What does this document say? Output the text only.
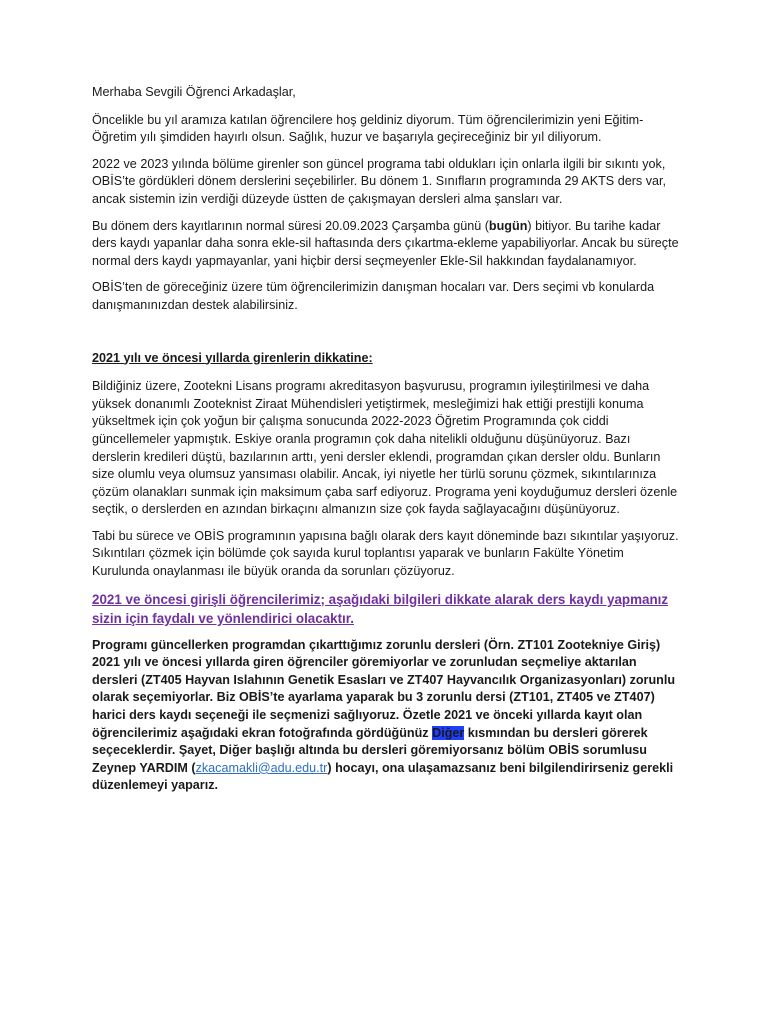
Merhaba Sevgili Öğrenci Arkadaşlar,

Öncelikle bu yıl aramıza katılan öğrencilere hoş geldiniz diyorum. Tüm öğrencilerimizin yeni Eğitim-Öğretim yılı şimdiden hayırlı olsun. Sağlık, huzur ve başarıyla geçireceğiniz bir yıl diliyorum.

2022 ve 2023 yılında bölüme girenler son güncel programa tabi oldukları için onlarla ilgili bir sıkıntı yok, OBİS’te gördükleri dönem derslerini seçebilirler. Bu dönem 1. Sınıfların programında 29 AKTS ders var, ancak sistemin izin verdiği düzeyde üstten de çakışmayan dersleri alma şansları var.

Bu dönem ders kayıtlarının normal süresi 20.09.2023 Çarşamba günü (bugün) bitiyor. Bu tarihe kadar ders kaydı yapanlar daha sonra ekle-sil haftasında ders çıkartma-ekleme yapabiliyorlar. Ancak bu süreçte normal ders kaydı yapmayanlar, yani hiçbir dersi seçmeyenler Ekle-Sil hakkından faydalanamıyor.

OBİS’ten de göreceğiniz üzere tüm öğrencilerimizin danışman hocaları var. Ders seçimi vb konularda danışmanınızdan destek alabilirsiniz.

2021 yılı ve öncesi yıllarda girenlerin dikkatine:

Bildiğiniz üzere, Zootekni Lisans programı akreditasyon başvurusu, programın iyileştirilmesi ve daha yüksek donanımlı Zooteknist Ziraat Mühendisleri yetiştirmek, mesleğimizi hak ettiği prestijli konuma yükseltmek için çok yoğun bir çalışma sonucunda 2022-2023 Öğretim Programında çok ciddi güncellemeler yapmıştık. Eskiye oranla programın çok daha nitelikli olduğunu düşünüyoruz. Bazı derslerin kredileri düştü, bazılarının arttı, yeni dersler eklendi, programdan çıkan dersler oldu. Bunların size olumlu veya olumsuz yansıması olabilir. Ancak, iyi niyetle her türlü sorunu çözmek, sıkıntılarınıza çözüm olanakları sunmak için maksimum çaba sarf ediyoruz. Programa yeni koyduğumuz dersleri özenle seçtik, o derslerden en azından birkaçını almanızın size çok fayda sağlayacağını düşünüyoruz.

Tabi bu sürece ve OBİS programının yapısına bağlı olarak ders kayıt döneminde bazı sıkıntılar yaşıyoruz. Sıkıntıları çözmek için bölümde çok sayıda kurul toplantısı yaparak ve bunların Fakülte Yönetim Kurulunda onaylanması ile büyük oranda da sorunları çözüyoruz.

2021 ve öncesi girişli öğrencilerimiz; aşağıdaki bilgileri dikkate alarak ders kaydı yapmanız sizin için faydalı ve yönlendirici olacaktır.

Programı güncellerken programdan çıkarttığımız zorunlu dersleri (Örn. ZT101 Zootekniye Giriş) 2021 yılı ve öncesi yıllarda giren öğrenciler göremiyorlar ve zorunludan seçmeliye aktarılan dersleri (ZT405 Hayvan Islahının Genetik Esasları ve ZT407 Hayvancılık Organizasyonları) zorunlu olarak seçemiyorlar. Biz OBİS’te ayarlama yaparak bu 3 zorunlu dersi (ZT101, ZT405 ve ZT407) harici ders kaydı seçeneği ile seçmenizi sağlıyoruz. Özetle 2021 ve önceki yıllarda kayıt olan öğrencilerimiz aşağıdaki ekran fotoğrafında gördüğünüz Diğer kısmından bu dersleri görerek seçeceklerdir. Şayet, Diğer başlığı altında bu dersleri göremiyorsanız bölüm OBİS sorumlusu Zeynep YARDIM (zkacamakli@adu.edu.tr) hocayı, ona ulaşamazsanız beni bilgilendirirseniz gerekli düzenlemeyi yaparız.
